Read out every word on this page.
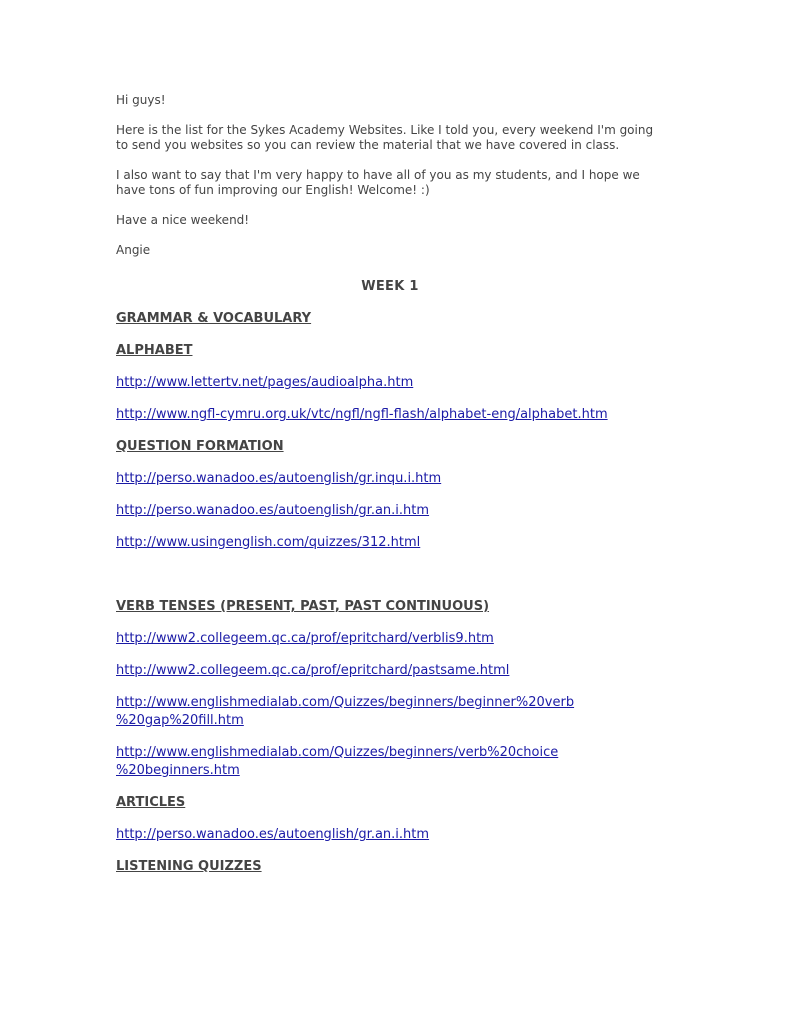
Hi guys!
Here is the list for the Sykes Academy Websites. Like I told you, every weekend I'm going to send you websites so you can review the material that we have covered in class.
I also want to say that I'm very happy to have all of you as my students, and I hope we have tons of fun improving our English! Welcome! :)
Have a nice weekend!
Angie
WEEK 1
GRAMMAR & VOCABULARY
ALPHABET
http://www.lettertv.net/pages/audioalpha.htm
http://www.ngfl-cymru.org.uk/vtc/ngfl/ngfl-flash/alphabet-eng/alphabet.htm
QUESTION FORMATION
http://perso.wanadoo.es/autoenglish/gr.inqu.i.htm
http://perso.wanadoo.es/autoenglish/gr.an.i.htm
http://www.usingenglish.com/quizzes/312.html
VERB TENSES (PRESENT, PAST, PAST CONTINUOUS)
http://www2.collegeem.qc.ca/prof/epritchard/verblis9.htm
http://www2.collegeem.qc.ca/prof/epritchard/pastsame.html
http://www.englishmedialab.com/Quizzes/beginners/beginner%20verb
%20gap%20fill.htm
http://www.englishmedialab.com/Quizzes/beginners/verb%20choice
%20beginners.htm
ARTICLES
http://perso.wanadoo.es/autoenglish/gr.an.i.htm
LISTENING QUIZZES
